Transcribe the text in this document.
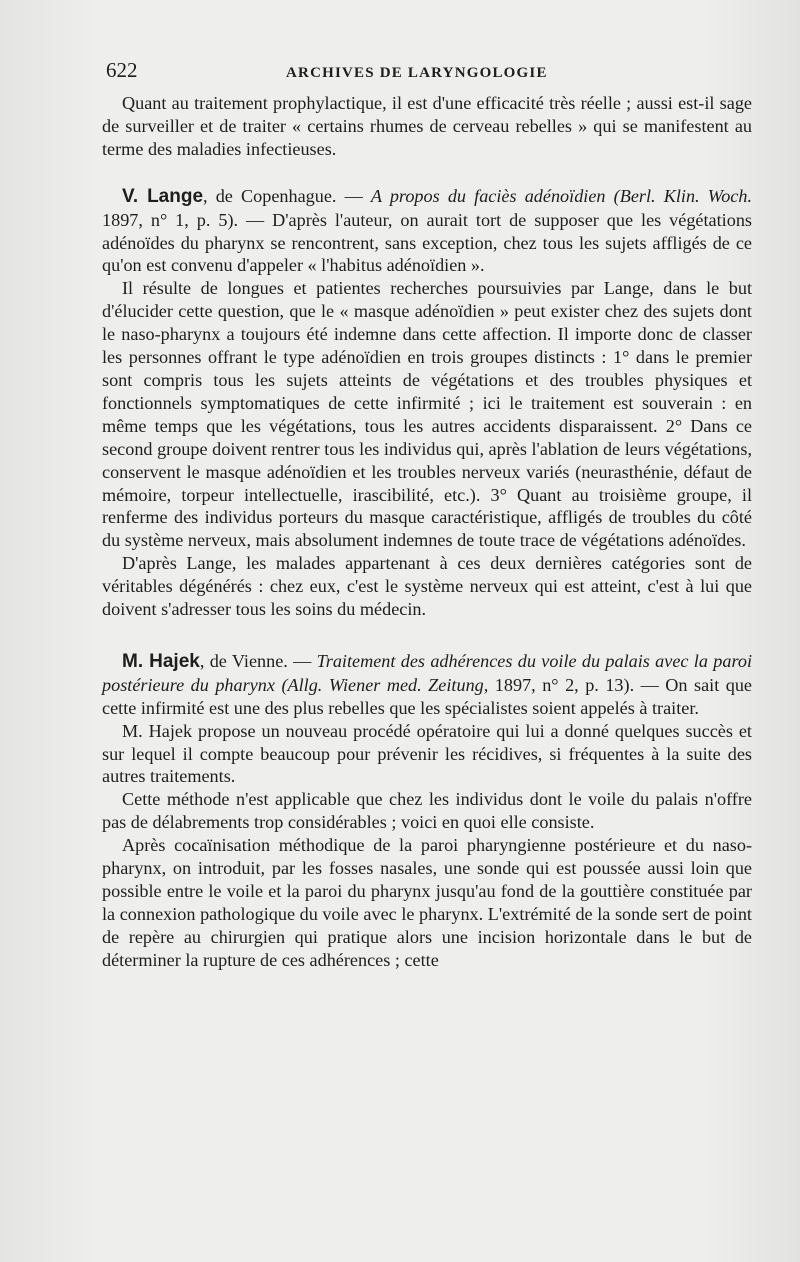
622	ARCHIVES DE LARYNGOLOGIE

Quant au traitement prophylactique, il est d'une efficacité très réelle ; aussi est-il sage de surveiller et de traiter « certains rhumes de cerveau rebelles » qui se manifestent au terme des maladies infectieuses.

V. Lange, de Copenhague. — A propos du faciès adénoïdien (Berl. Klin. Woch. 1897, n° 1, p. 5). — D'après l'auteur, on aurait tort de supposer que les végétations adénoïdes du pharynx se rencontrent, sans exception, chez tous les sujets affligés de ce qu'on est convenu d'appeler « l'habitus adénoïdien ».

Il résulte de longues et patientes recherches poursuivies par Lange, dans le but d'élucider cette question, que le « masque adénoïdien » peut exister chez des sujets dont le naso-pharynx a toujours été indemne dans cette affection. Il importe donc de classer les personnes offrant le type adénoïdien en trois groupes distincts : 1° dans le premier sont compris tous les sujets atteints de végétations et des troubles physiques et fonctionnels symptomatiques de cette infirmité ; ici le traitement est souverain : en même temps que les végétations, tous les autres accidents disparaissent. 2° Dans ce second groupe doivent rentrer tous les individus qui, après l'ablation de leurs végétations, conservent le masque adénoïdien et les troubles nerveux variés (neurasthénie, défaut de mémoire, torpeur intellectuelle, irascibilité, etc.). 3° Quant au troisième groupe, il renferme des individus porteurs du masque caractéristique, affligés de troubles du côté du système nerveux, mais absolument indemnes de toute trace de végétations adénoïdes.

D'après Lange, les malades appartenant à ces deux dernières catégories sont de véritables dégénérés : chez eux, c'est le système nerveux qui est atteint, c'est à lui que doivent s'adresser tous les soins du médecin.

M. Hajek, de Vienne. — Traitement des adhérences du voile du palais avec la paroi postérieure du pharynx (Allg. Wiener med. Zeitung, 1897, n° 2, p. 13). — On sait que cette infirmité est une des plus rebelles que les spécialistes soient appelés à traiter.

M. Hajek propose un nouveau procédé opératoire qui lui a donné quelques succès et sur lequel il compte beaucoup pour prévenir les récidives, si fréquentes à la suite des autres traitements.

Cette méthode n'est applicable que chez les individus dont le voile du palais n'offre pas de délabrements trop considérables ; voici en quoi elle consiste.

Après cocaïnisation méthodique de la paroi pharyngienne postérieure et du naso-pharynx, on introduit, par les fosses nasales, une sonde qui est poussée aussi loin que possible entre le voile et la paroi du pharynx jusqu'au fond de la gouttière constituée par la connexion pathologique du voile avec le pharynx. L'extrémité de la sonde sert de point de repère au chirurgien qui pratique alors une incision horizontale dans le but de déterminer la rupture de ces adhérences ; cette
